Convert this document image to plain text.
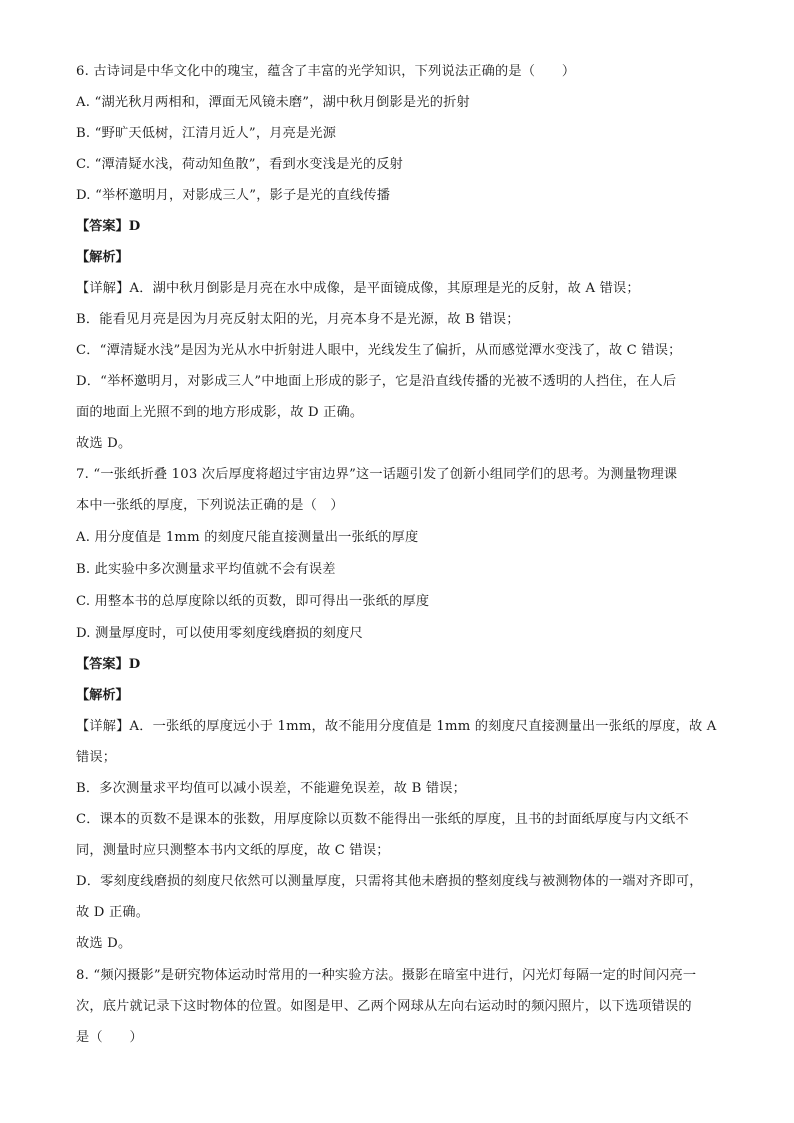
6. 古诗词是中华文化中的瑰宝，蕴含了丰富的光学知识，下列说法正确的是（　　）
A. “湖光秋月两相和，潭面无风镜未磨”，湖中秋月倒影是光的折射
B. “野旷天低树，江清月近人”，月亮是光源
C. “潭清疑水浅，荷动知鱼散”，看到水变浅是光的反射
D. “举杯邀明月，对影成三人”，影子是光的直线传播
【答案】D
【解析】
【详解】A．湖中秋月倒影是月亮在水中成像，是平面镜成像，其原理是光的反射，故 A 错误；
B．能看见月亮是因为月亮反射太阳的光，月亮本身不是光源，故 B 错误；
C．“潭清疑水浅”是因为光从水中折射进人眼中，光线发生了偏折，从而感觉潭水变浅了，故 C 错误；
D．“举杯邀明月，对影成三人”中地面上形成的影子，它是沿直线传播的光被不透明的人挡住，在人后
面的地面上光照不到的地方形成影，故 D 正确。
故选 D。
7. “一张纸折叠 103 次后厚度将超过宇宙边界”这一话题引发了创新小组同学们的思考。为测量物理课
本中一张纸的厚度，下列说法正确的是（　）
A. 用分度值是 1mm 的刻度尺能直接测量出一张纸的厚度
B. 此实验中多次测量求平均值就不会有误差
C. 用整本书的总厚度除以纸的页数，即可得出一张纸的厚度
D. 测量厚度时，可以使用零刻度线磨损的刻度尺
【答案】D
【解析】
【详解】A．一张纸的厚度远小于 1mm，故不能用分度值是 1mm 的刻度尺直接测量出一张纸的厚度，故 A
错误；
B．多次测量求平均值可以减小误差，不能避免误差，故 B 错误；
C．课本的页数不是课本的张数，用厚度除以页数不能得出一张纸的厚度，且书的封面纸厚度与内文纸不
同，测量时应只测整本书内文纸的厚度，故 C 错误；
D．零刻度线磨损的刻度尺依然可以测量厚度，只需将其他未磨损的整刻度线与被测物体的一端对齐即可，
故 D 正确。
故选 D。
8. “频闪摄影”是研究物体运动时常用的一种实验方法。摄影在暗室中进行，闪光灯每隔一定的时间闪亮一
次，底片就记录下这时物体的位置。如图是甲、乙两个网球从左向右运动时的频闪照片，以下选项错误的
是（　　）
